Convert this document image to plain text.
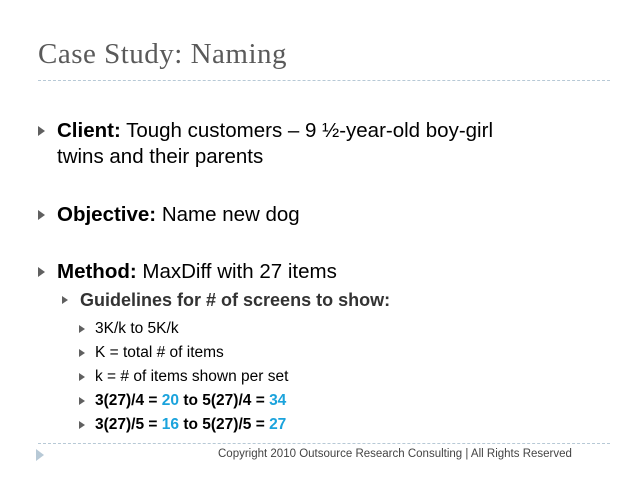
Case Study: Naming
Client: Tough customers – 9 ½-year-old boy-girl
twins and their parents
Objective: Name new dog
Method: MaxDiff with 27 items
Guidelines for # of screens to show:
3K/k to 5K/k
K = total # of items
k = # of items shown per set
3(27)/4 = 20 to 5(27)/4 = 34
3(27)/5 = 16 to 5(27)/5 = 27
Copyright 2010 Outsource Research Consulting | All Rights Reserved
